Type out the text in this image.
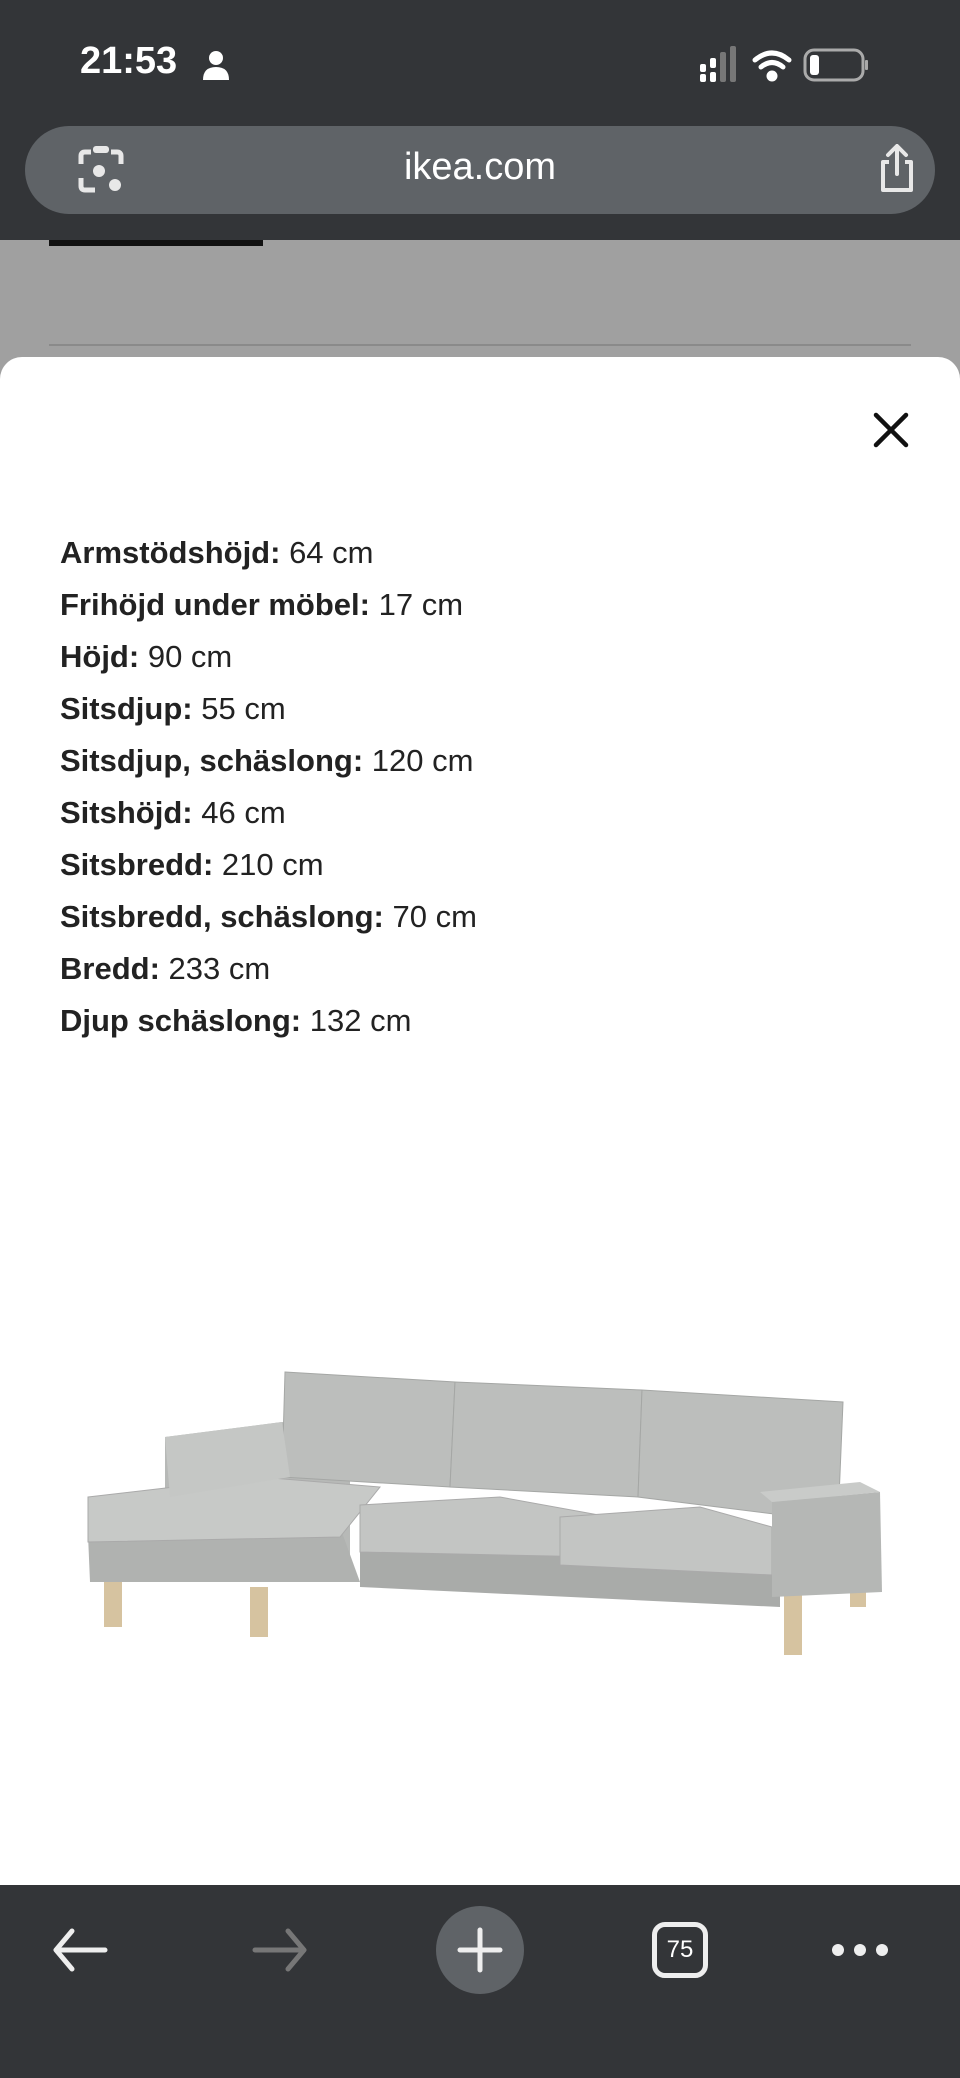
21:53
ikea.com
Armstödshöjd: 64 cm
Frihöjd under möbel: 17 cm
Höjd: 90 cm
Sitsdjup: 55 cm
Sitsdjup, schäslong: 120 cm
Sitshöjd: 46 cm
Sitsbredd: 210 cm
Sitsbredd, schäslong: 70 cm
Bredd: 233 cm
Djup schäslong: 132 cm
75
